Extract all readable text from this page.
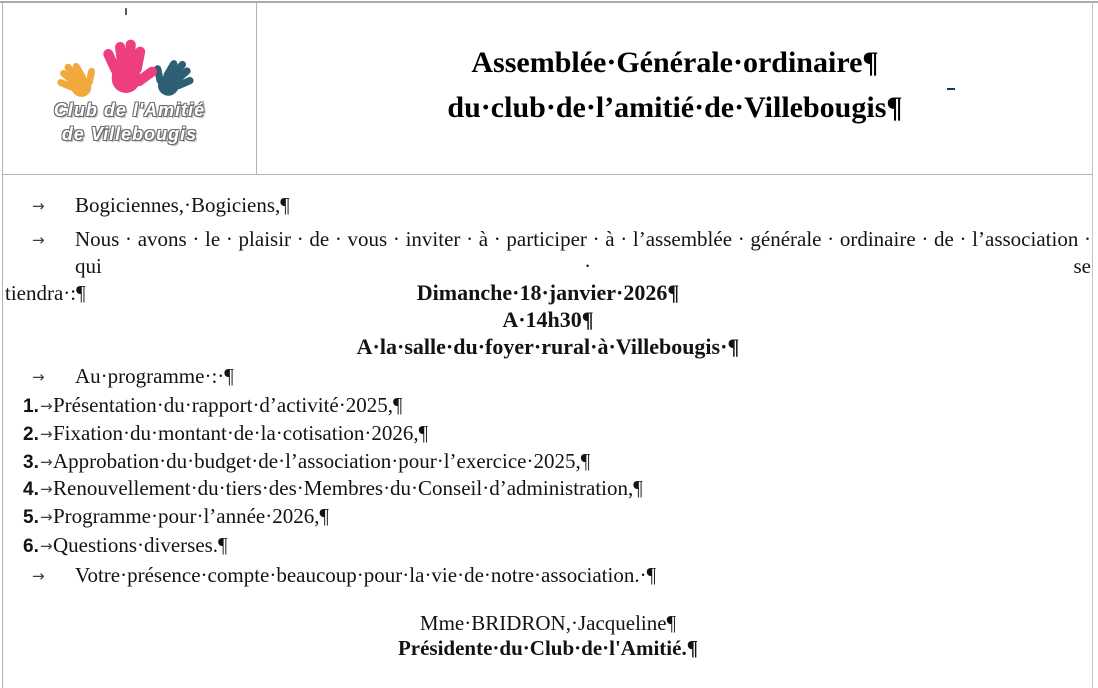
Club de l'Amitié
de Villebougis
Assemblée·Générale·ordinaire¶
du·club·de·l’amitié·de·Villebougis¶
→ Bogiciennes,·Bogiciens,¶
→	Nous · avons · le · plaisir · de · vous · inviter · à · participer · à · l’assemblée · générale · ordinaire · de · l’association · qui · se
tiendra·:¶	Dimanche·18·janvier·2026¶
A·14h30¶
A·la·salle·du·foyer·rural·à·Villebougis·¶
→ Au·programme·:·¶
1. → Présentation·du·rapport·d’activité·2025,¶
2. → Fixation·du·montant·de·la·cotisation·2026,¶
3. → Approbation·du·budget·de·l’association·pour·l’exercice·2025,¶
4. → Renouvellement·du·tiers·des·Membres·du·Conseil·d’administration,¶
5. → Programme·pour·l’année·2026,¶
6. → Questions·diverses.¶
→ Votre·présence·compte·beaucoup·pour·la·vie·de·notre·association.·¶
Mme·BRIDRON,·Jacqueline¶
Présidente·du·Club·de·l'Amitié.¶
